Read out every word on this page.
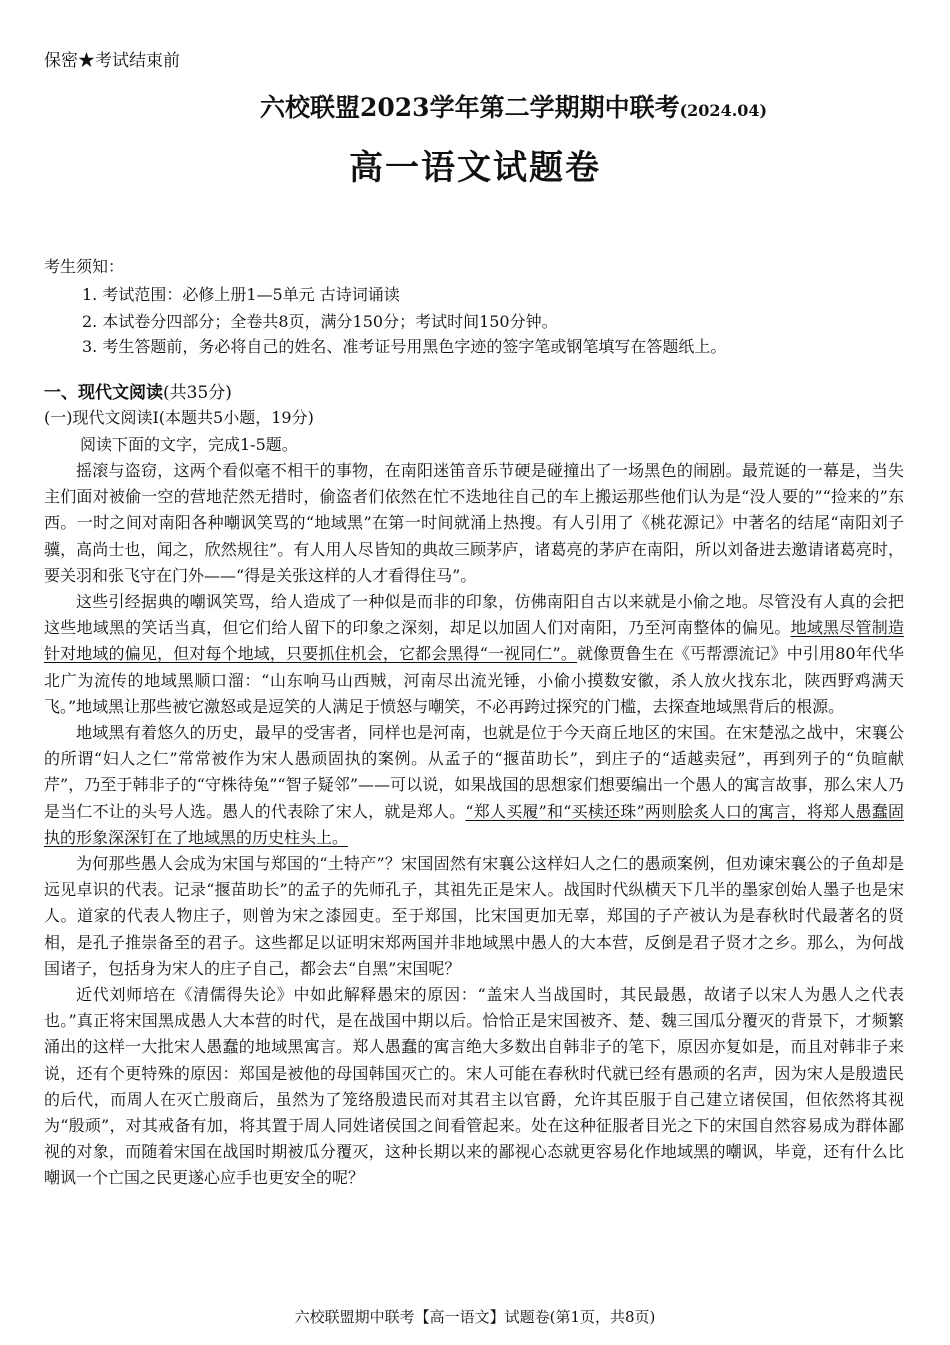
保密★考试结束前
六校联盟2023学年第二学期期中联考(2024.04)
高一语文试题卷
考生须知：
1. 考试范围：必修上册1—5单元 古诗词诵读
2. 本试卷分四部分；全卷共8页，满分150分；考试时间150分钟。
3. 考生答题前，务必将自己的姓名、准考证号用黑色字迹的签字笔或钢笔填写在答题纸上。
一、现代文阅读(共35分)
(一)现代文阅读I(本题共5小题，19分)
阅读下面的文字，完成1-5题。

摇滚与盗窃，这两个看似毫不相干的事物，在南阳迷笛音乐节硬是碰撞出了一场黑色的闹剧。最荒诞的一幕是，当失主们面对被偷一空的营地茫然无措时，偷盗者们依然在忙不迭地往自己的车上搬运那些他们认为是“没人要的”“捡来的”东西。一时之间对南阳各种嘲讽笑骂的“地域黑”在第一时间就涌上热搜。有人引用了《桃花源记》中著名的结尾“南阳刘子骥，高尚士也，闻之，欣然规往”。有人用人尽皆知的典故三顾茅庐，诸葛亮的茅庐在南阳，所以刘备进去邀请诸葛亮时，要关羽和张飞守在门外——“得是关张这样的人才看得住马”。

这些引经据典的嘲讽笑骂，给人造成了一种似是而非的印象，仿佛南阳自古以来就是小偷之地。尽管没有人真的会把这些地域黑的笑话当真，但它们给人留下的印象之深刻，却足以加固人们对南阳，乃至河南整体的偏见。地域黑尽管制造针对地域的偏见，但对每个地域，只要抓住机会，它都会黑得“一视同仁”。就像贾鲁生在《丐帮漂流记》中引用80年代华北广为流传的地域黑顺口溜：“山东响马山西贼，河南尽出流光锤，小偷小摸数安徽，杀人放火找东北，陕西野鸡满天飞。”地域黑让那些被它激怒或是逗笑的人满足于愤怒与嘲笑，不必再跨过探究的门槛，去探查地域黑背后的根源。

地域黑有着悠久的历史，最早的受害者，同样也是河南，也就是位于今天商丘地区的宋国。在宋楚泓之战中，宋襄公的所谓“妇人之仁”常常被作为宋人愚顽固执的案例。从孟子的“揠苗助长”，到庄子的“适越卖冠”，再到列子的“负暄献芹”，乃至于韩非子的“守株待兔”“智子疑邻”——可以说，如果战国的思想家们想要编出一个愚人的寓言故事，那么宋人乃是当仁不让的头号人选。愚人的代表除了宋人，就是郑人。“郑人买履”和“买椟还珠”两则脍炙人口的寓言，将郑人愚蠢固执的形象深深钉在了地域黑的历史柱头上。

为何那些愚人会成为宋国与郑国的“土特产”？宋国固然有宋襄公这样妇人之仁的愚顽案例，但劝谏宋襄公的子鱼却是远见卓识的代表。记录“揠苗助长”的孟子的先师孔子，其祖先正是宋人。战国时代纵横天下几半的墨家创始人墨子也是宋人。道家的代表人物庄子，则曾为宋之漆园吏。至于郑国，比宋国更加无辜，郑国的子产被认为是春秋时代最著名的贤相，是孔子推崇备至的君子。这些都足以证明宋郑两国并非地域黑中愚人的大本营，反倒是君子贤才之乡。那么，为何战国诸子，包括身为宋人的庄子自己，都会去“自黑”宋国呢？

近代刘师培在《清儒得失论》中如此解释愚宋的原因：“盖宋人当战国时，其民最愚，故诸子以宋人为愚人之代表也。”真正将宋国黑成愚人大本营的时代，是在战国中期以后。恰恰正是宋国被齐、楚、魏三国瓜分覆灭的背景下，才频繁涌出的这样一大批宋人愚蠢的地域黑寓言。郑人愚蠢的寓言绝大多数出自韩非子的笔下，原因亦复如是，而且对韩非子来说，还有个更特殊的原因：郑国是被他的母国韩国灭亡的。宋人可能在春秋时代就已经有愚顽的名声，因为宋人是殷遗民的后代，而周人在灭亡殷商后，虽然为了笼络殷遗民而对其君主以官爵，允许其臣服于自己建立诸侯国，但依然将其视为“殷顽”，对其戒备有加，将其置于周人同姓诸侯国之间看管起来。处在这种征服者目光之下的宋国自然容易成为群体鄙视的对象，而随着宋国在战国时期被瓜分覆灭，这种长期以来的鄙视心态就更容易化作地域黑的嘲讽，毕竟，还有什么比嘲讽一个亡国之民更遂心应手也更安全的呢？

六校联盟期中联考【高一语文】试题卷(第1页，共8页)
